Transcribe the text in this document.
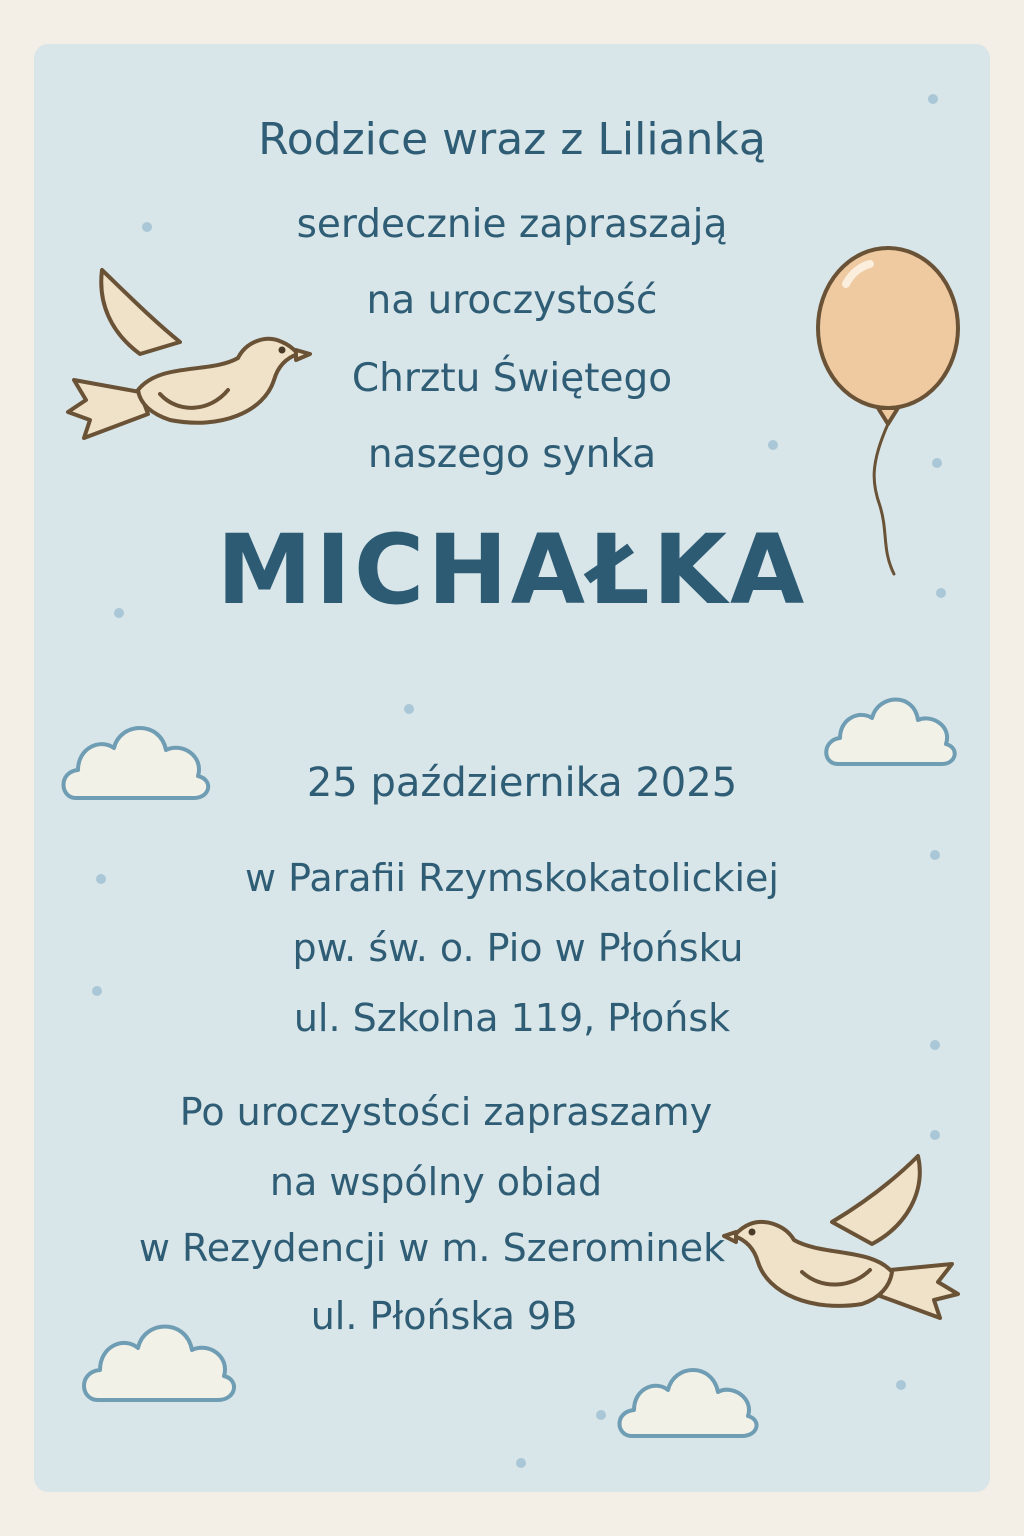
Rodzice wraz z Lilianką
serdecznie zapraszają
na uroczystość
Chrztu Świętego
naszego synka
MICHAŁKA
25 października 2025
w Parafii Rzymskokatolickiej
pw. św. o. Pio w Płońsku
ul. Szkolna 119, Płońsk
Po uroczystości zapraszamy
na wspólny obiad
w Rezydencji w m. Szerominek
ul. Płońska 9B
